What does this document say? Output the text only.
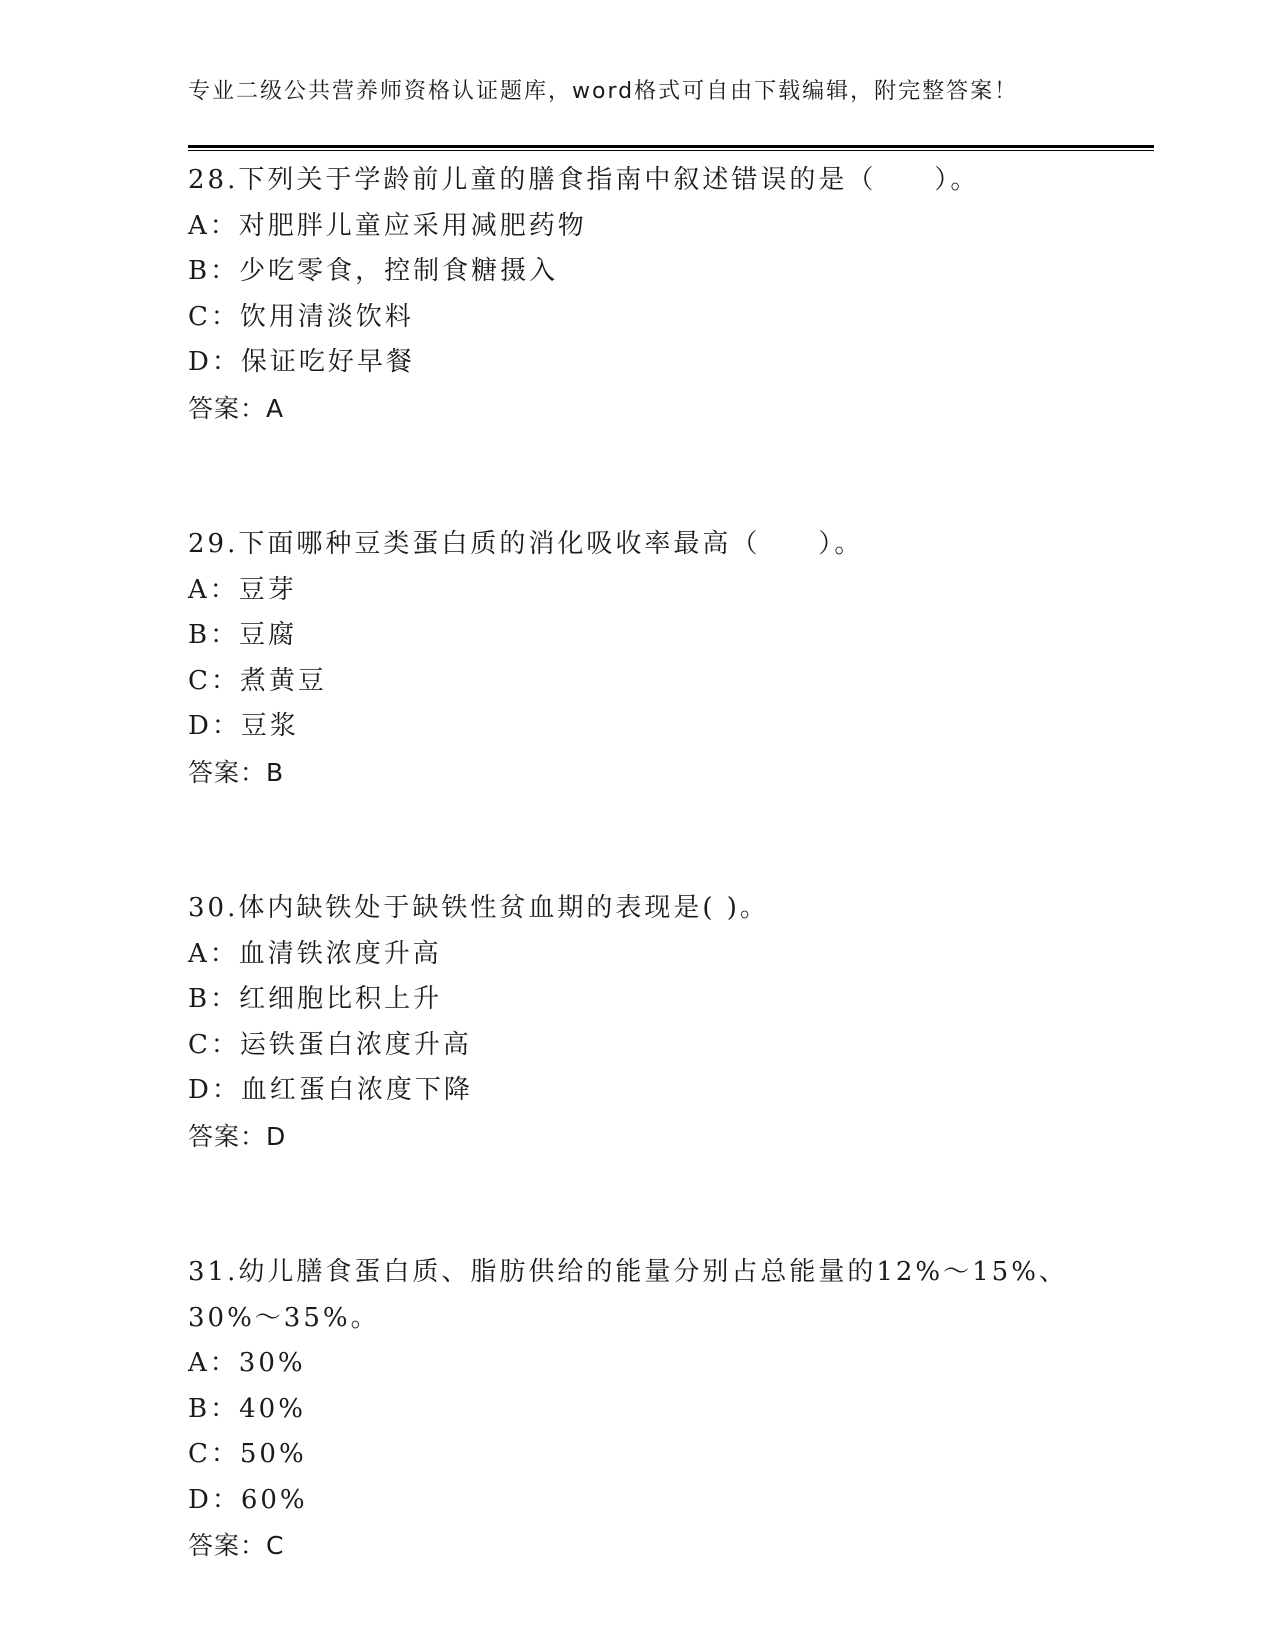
专业二级公共营养师资格认证题库，word格式可自由下载编辑，附完整答案！
28.下列关于学龄前儿童的膳食指南中叙述错误的是（　　）。
A：对肥胖儿童应采用减肥药物
B：少吃零食，控制食糖摄入
C：饮用清淡饮料
D：保证吃好早餐
答案：A
29.下面哪种豆类蛋白质的消化吸收率最高（　　）。
A：豆芽
B：豆腐
C：煮黄豆
D：豆浆
答案：B
30.体内缺铁处于缺铁性贫血期的表现是( )。
A：血清铁浓度升高
B：红细胞比积上升
C：运铁蛋白浓度升高
D：血红蛋白浓度下降
答案：D
31.幼儿膳食蛋白质、脂肪供给的能量分别占总能量的12%～15%、30%～35%。
A：30%
B：40%
C：50%
D：60%
答案：C
